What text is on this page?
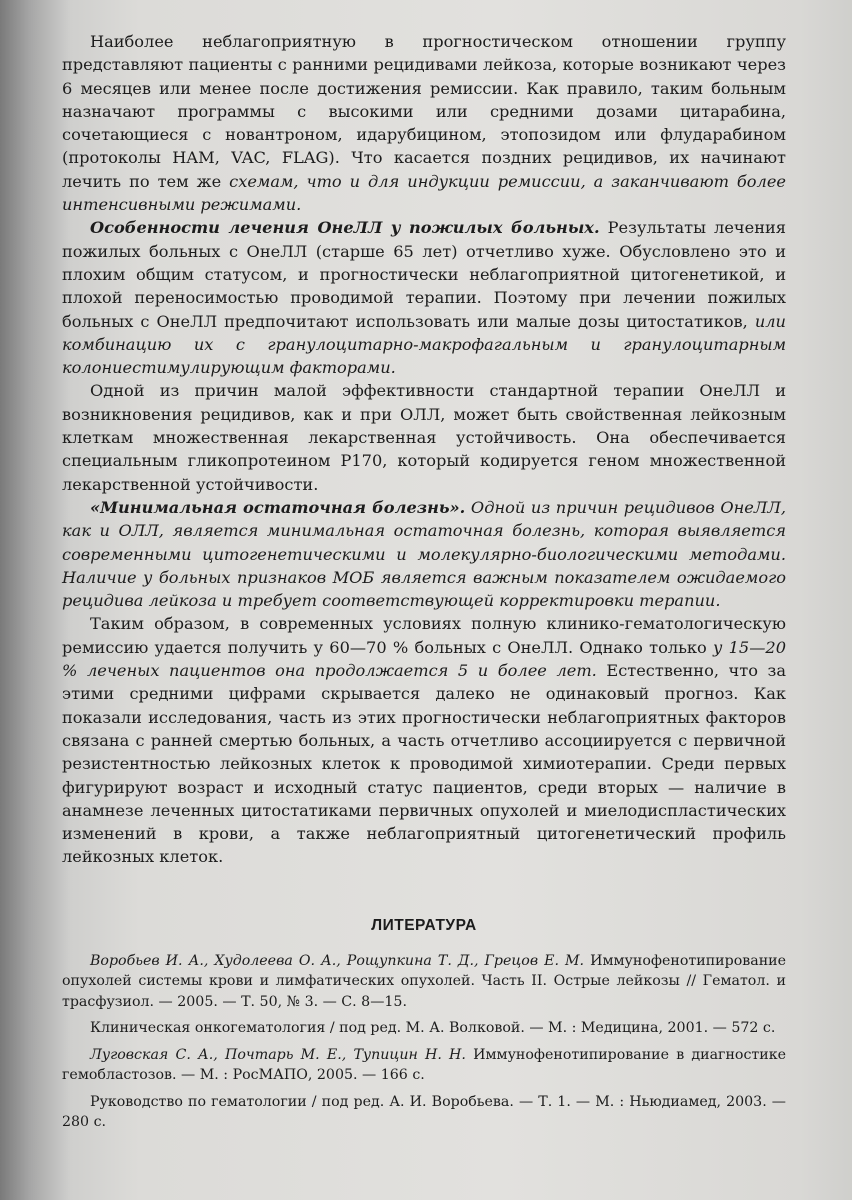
Наиболее неблагоприятную в прогностическом отношении группу представляют пациенты с ранними рецидивами лейкоза, которые возникают через 6 месяцев или менее после достижения ремиссии. Как правило, таким больным назначают программы с высокими или средними дозами цитарабина, сочетающиеся с новантроном, идарубицином, этопозидом или флударабином (протоколы HAM, VAC, FLAG). Что касается поздних рецидивов, их начинают лечить по тем же схемам, что и для индукции ремиссии, а заканчивают более интенсивными режимами.

Особенности лечения ОнеЛЛ у пожилых больных. Результаты лечения пожилых больных с ОнеЛЛ (старше 65 лет) отчетливо хуже. Обусловлено это и плохим общим статусом, и прогностически неблагоприятной цитогенетикой, и плохой переносимостью проводимой терапии. Поэтому при лечении пожилых больных с ОнеЛЛ предпочитают использовать или малые дозы цитостатиков, или комбинацию их с гранулоцитарно-макрофагальным и гранулоцитарным колониестимулирующим факторами.

Одной из причин малой эффективности стандартной терапии ОнеЛЛ и возникновения рецидивов, как и при ОЛЛ, может быть свойственная лейкозным клеткам множественная лекарственная устойчивость. Она обеспечивается специальным гликопротеином P170, который кодируется геном множественной лекарственной устойчивости.

«Минимальная остаточная болезнь». Одной из причин рецидивов ОнеЛЛ, как и ОЛЛ, является минимальная остаточная болезнь, которая выявляется современными цитогенетическими и молекулярно-биологическими методами. Наличие у больных признаков МОБ является важным показателем ожидаемого рецидива лейкоза и требует соответствующей корректировки терапии.

Таким образом, в современных условиях полную клинико-гематологическую ремиссию удается получить у 60—70 % больных с ОнеЛЛ. Однако только у 15—20 % леченых пациентов она продолжается 5 и более лет. Естественно, что за этими средними цифрами скрывается далеко не одинаковый прогноз. Как показали исследования, часть из этих прогностически неблагоприятных факторов связана с ранней смертью больных, а часть отчетливо ассоциируется с первичной резистентностью лейкозных клеток к проводимой химиотерапии. Среди первых фигурируют возраст и исходный статус пациентов, среди вторых — наличие в анамнезе леченных цитостатиками первичных опухолей и миелодиспластических изменений в крови, а также неблагоприятный цитогенетический профиль лейкозных клеток.

ЛИТЕРАТУРА

Воробьев И. А., Худолеева О. А., Рощупкина Т. Д., Грецов Е. М. Иммунофенотипирование опухолей системы крови и лимфатических опухолей. Часть II. Острые лейкозы // Гематол. и трасфузиол. — 2005. — Т. 50, № 3. — С. 8—15.

Клиническая онкогематология / под ред. М. А. Волковой. — М. : Медицина, 2001. — 572 с.

Луговская С. А., Почтарь М. Е., Тупицин Н. Н. Иммунофенотипирование в диагностике гемобластозов. — М. : РосМАПО, 2005. — 166 с.

Руководство по гематологии / под ред. А. И. Воробьева. — Т. 1. — М. : Ньюдиамед, 2003. — 280 с.
